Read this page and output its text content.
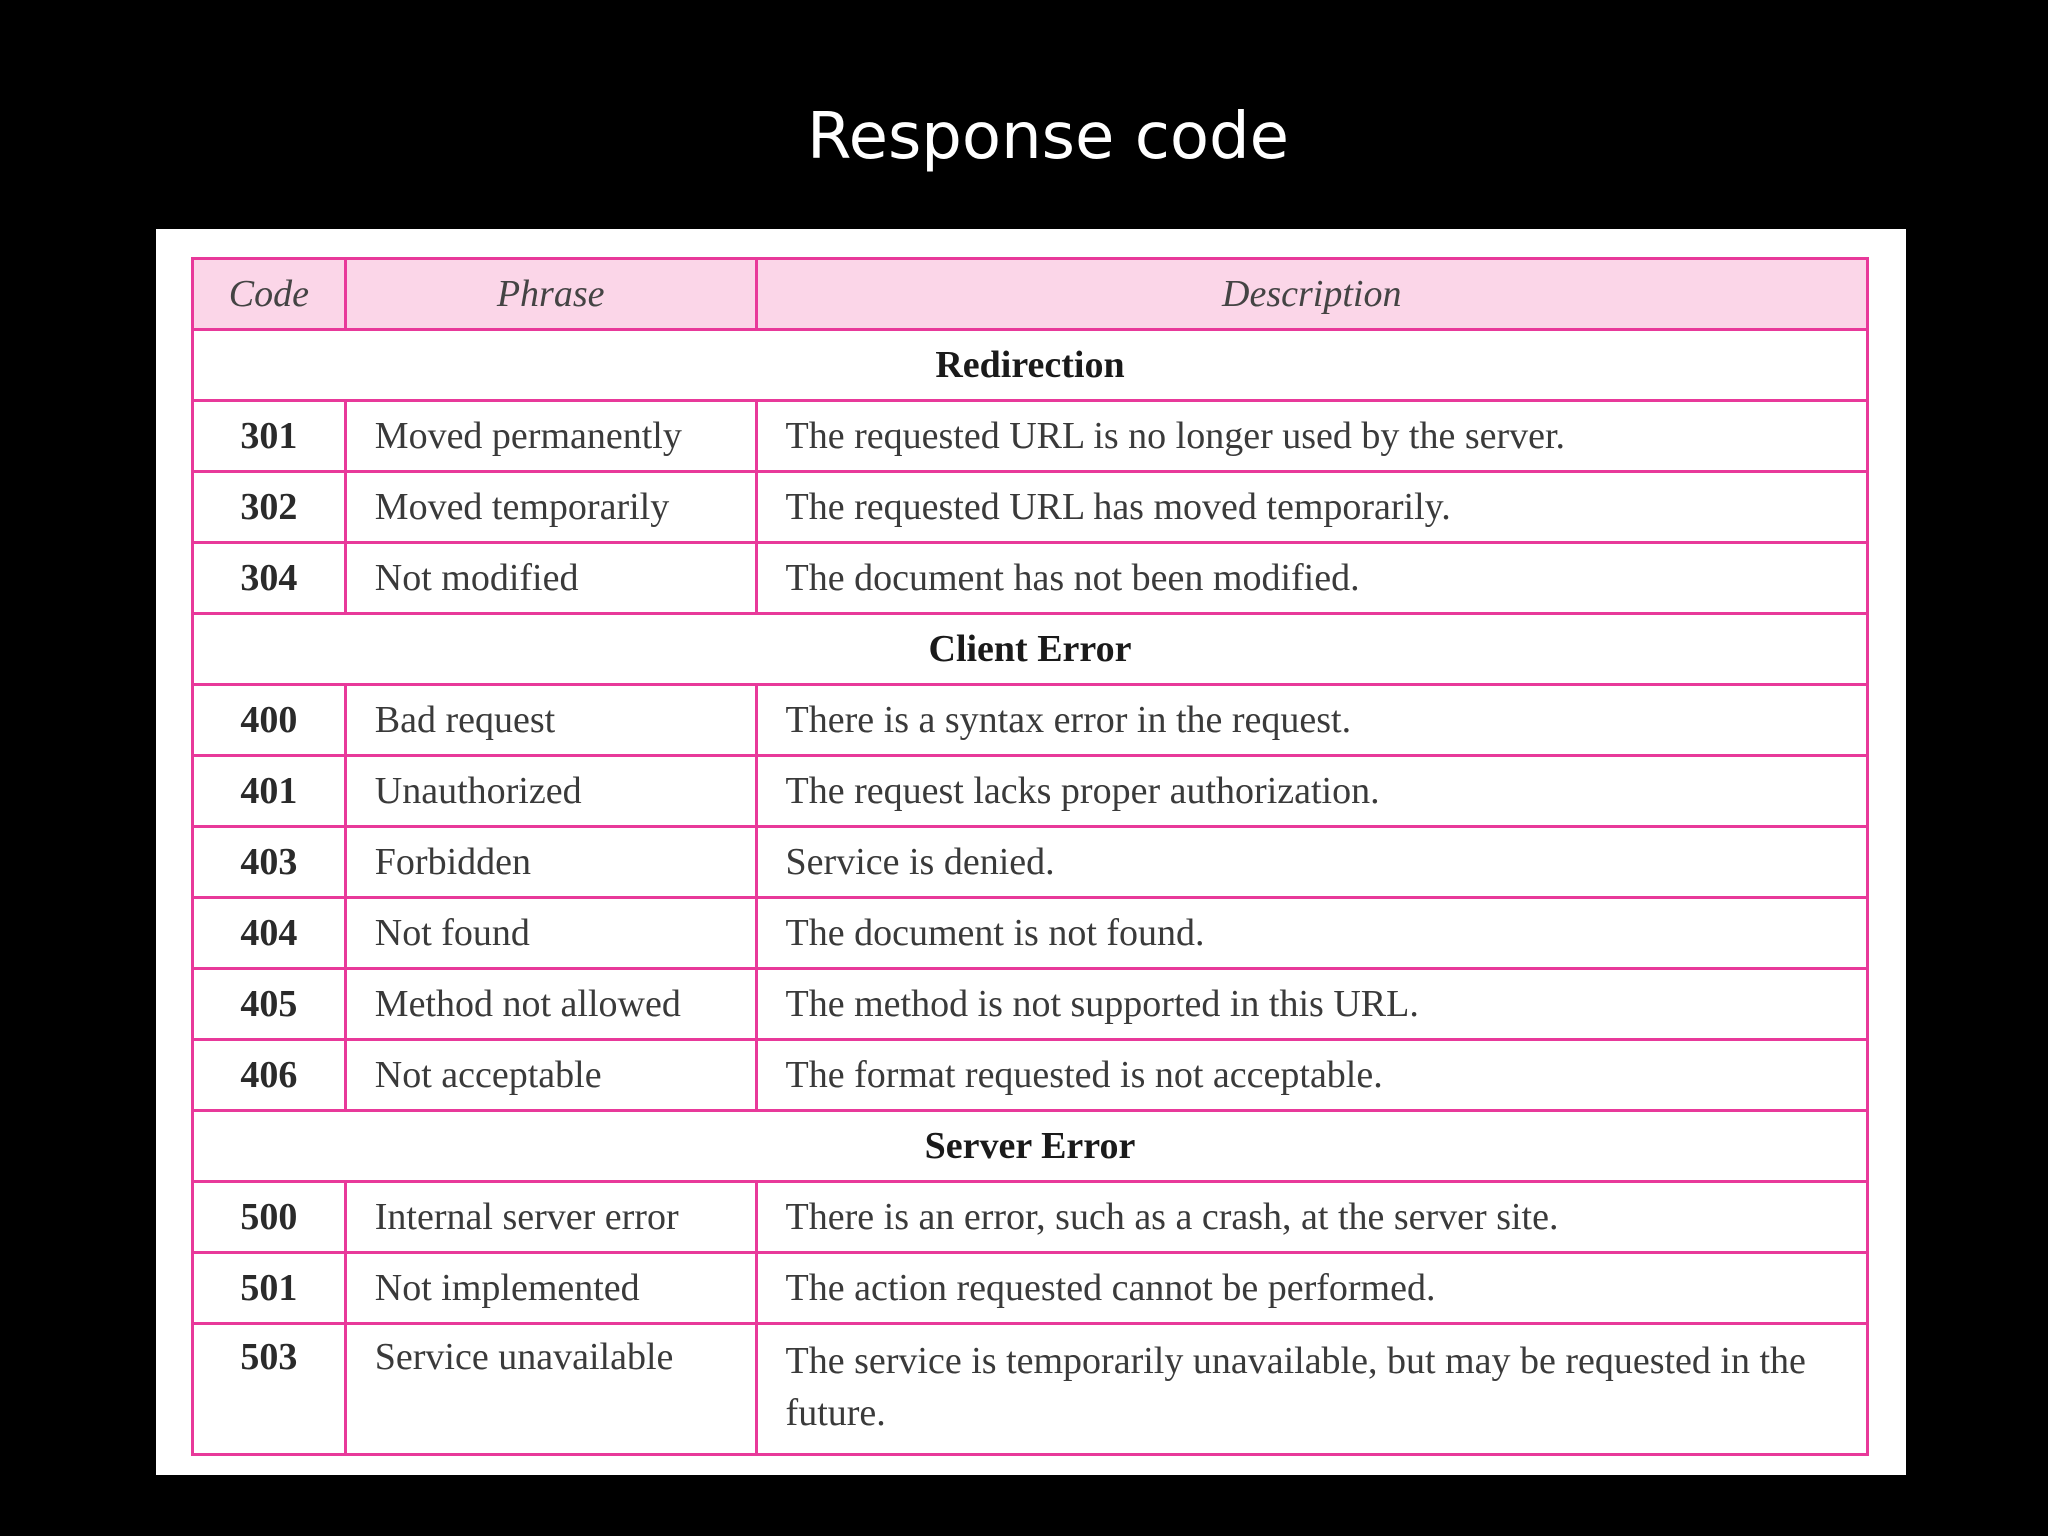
Response code
Code	Phrase	Description
Redirection		
301	Moved permanently	The requested URL is no longer used by the server.
302	Moved temporarily	The requested URL has moved temporarily.
304	Not modified	The document has not been modified.
Client Error		
400	Bad request	There is a syntax error in the request.
401	Unauthorized	The request lacks proper authorization.
403	Forbidden	Service is denied.
404	Not found	The document is not found.
405	Method not allowed	The method is not supported in this URL.
406	Not acceptable	The format requested is not acceptable.
Server Error		
500	Internal server error	There is an error, such as a crash, at the server site.
501	Not implemented	The action requested cannot be performed.
503	Service unavailable	The service is temporarily unavailable, but may be requested in the future.
